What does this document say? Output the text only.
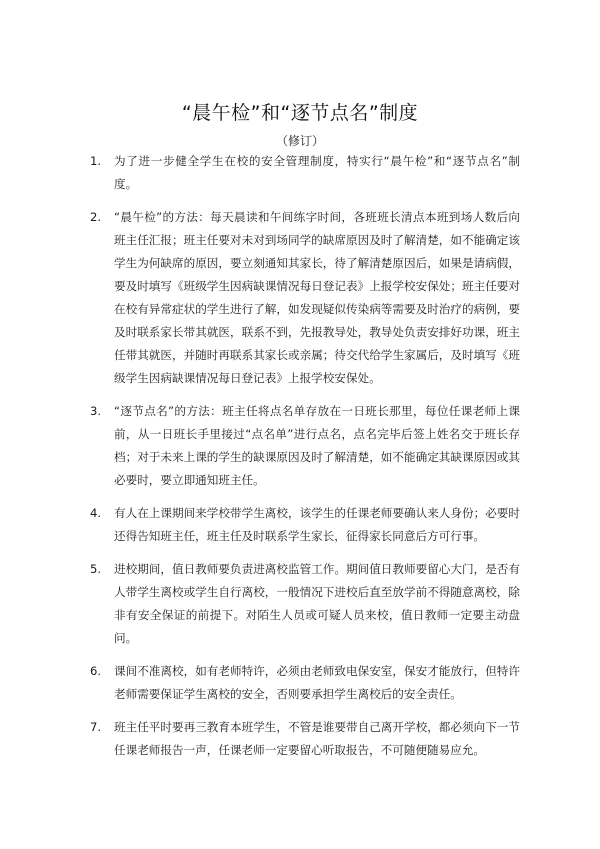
“晨午检”和“逐节点名”制度

（修订）

1.	为了进一步健全学生在校的安全管理制度，特实行“晨午检”和“逐节点名”制度。
2.	“晨午检”的方法：每天晨读和午间练字时间，各班班长清点本班到场人数后向班主任汇报；班主任要对未对到场同学的缺席原因及时了解清楚，如不能确定该学生为何缺席的原因，要立刻通知其家长，待了解清楚原因后，如果是请病假，要及时填写《班级学生因病缺课情况每日登记表》上报学校安保处；班主任要对在校有异常症状的学生进行了解，如发现疑似传染病等需要及时治疗的病例，要及时联系家长带其就医，联系不到，先报教导处，教导处负责安排好功课，班主任带其就医，并随时再联系其家长或亲属；待交代给学生家属后，及时填写《班级学生因病缺课情况每日登记表》上报学校安保处。
3.	“逐节点名”的方法：班主任将点名单存放在一日班长那里，每位任课老师上课前，从一日班长手里接过“点名单”进行点名，点名完毕后签上姓名交于班长存档；对于未来上课的学生的缺课原因及时了解清楚，如不能确定其缺课原因或其必要时，要立即通知班主任。
4.	有人在上课期间来学校带学生离校，该学生的任课老师要确认来人身份；必要时还得告知班主任，班主任及时联系学生家长，征得家长同意后方可行事。
5.	进校期间，值日教师要负责进离校监管工作。期间值日教师要留心大门，是否有人带学生离校或学生自行离校，一般情况下进校后直至放学前不得随意离校，除非有安全保证的前提下。对陌生人员或可疑人员来校，值日教师一定要主动盘问。
6.	课间不准离校，如有老师特许，必须由老师致电保安室，保安才能放行，但特许老师需要保证学生离校的安全，否则要承担学生离校后的安全责任。
7.	班主任平时要再三教育本班学生，不管是谁要带自己离开学校，都必须向下一节任课老师报告一声，任课老师一定要留心听取报告，不可随便随易应允。
